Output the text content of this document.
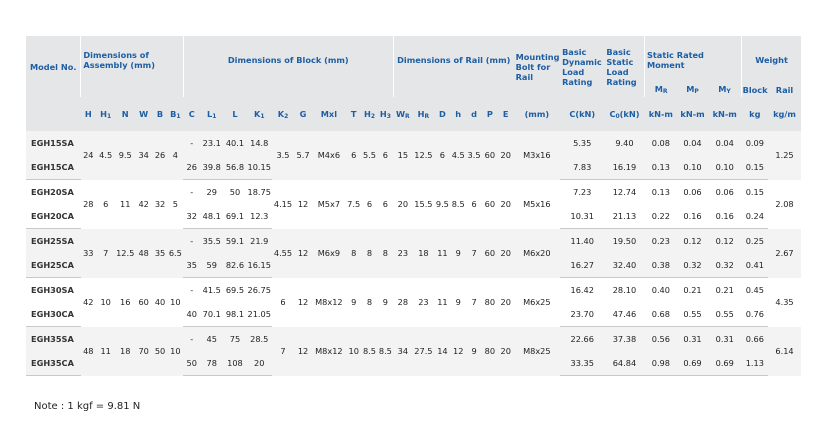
Model No.	Dimensions of Assembly (mm)						Dimensions of Block (mm)										Dimensions of Rail (mm)							Mounting Bolt for Rail	Basic Dynamic Load Rating	Basic Static Load Rating	Static Rated Moment			Weight	
																											$M_R$	$M_P$	$M_Y$	Block	Rail
	H	$H_1$	N	W	B	$B_1$	C	$L_1$	L	$K_1$	$K_2$	G	Mxl	T	$H_2$	$H_3$	$W_R$	$H_R$	D	h	d	P	E	(mm)	C(kN)	$C_0(kN)$	kN-m	kN-m	kN-m	kg	kg/m
EGH15SA	24	4.5	9.5	34	26	4	-	23.1	40.1	14.8	3.5	5.7	M4x6	6	5.5	6	15	12.5	6	4.5	3.5	60	20	M3x16	5.35	9.40	0.08	0.04	0.04	0.09	1.25
EGH15CA							26	39.8	56.8	10.15															7.83	16.19	0.13	0.10	0.10	0.15	
EGH20SA	28	6	11	42	32	5	-	29	50	18.75	4.15	12	M5x7	7.5	6	6	20	15.5	9.5	8.5	6	60	20	M5x16	7.23	12.74	0.13	0.06	0.06	0.15	2.08
EGH20CA							32	48.1	69.1	12.3															10.31	21.13	0.22	0.16	0.16	0.24	
EGH25SA	33	7	12.5	48	35	6.5	-	35.5	59.1	21.9	4.55	12	M6x9	8	8	8	23	18	11	9	7	60	20	M6x20	11.40	19.50	0.23	0.12	0.12	0.25	2.67
EGH25CA							35	59	82.6	16.15															16.27	32.40	0.38	0.32	0.32	0.41	
EGH30SA	42	10	16	60	40	10	-	41.5	69.5	26.75	6	12	M8x12	9	8	9	28	23	11	9	7	80	20	M6x25	16.42	28.10	0.40	0.21	0.21	0.45	4.35
EGH30CA							40	70.1	98.1	21.05															23.70	47.46	0.68	0.55	0.55	0.76	
EGH35SA	48	11	18	70	50	10	-	45	75	28.5	7	12	M8x12	10	8.5	8.5	34	27.5	14	12	9	80	20	M8x25	22.66	37.38	0.56	0.31	0.31	0.66	6.14
EGH35CA							50	78	108	20															33.35	64.84	0.98	0.69	0.69	1.13	
Note : 1 kgf = 9.81 N
